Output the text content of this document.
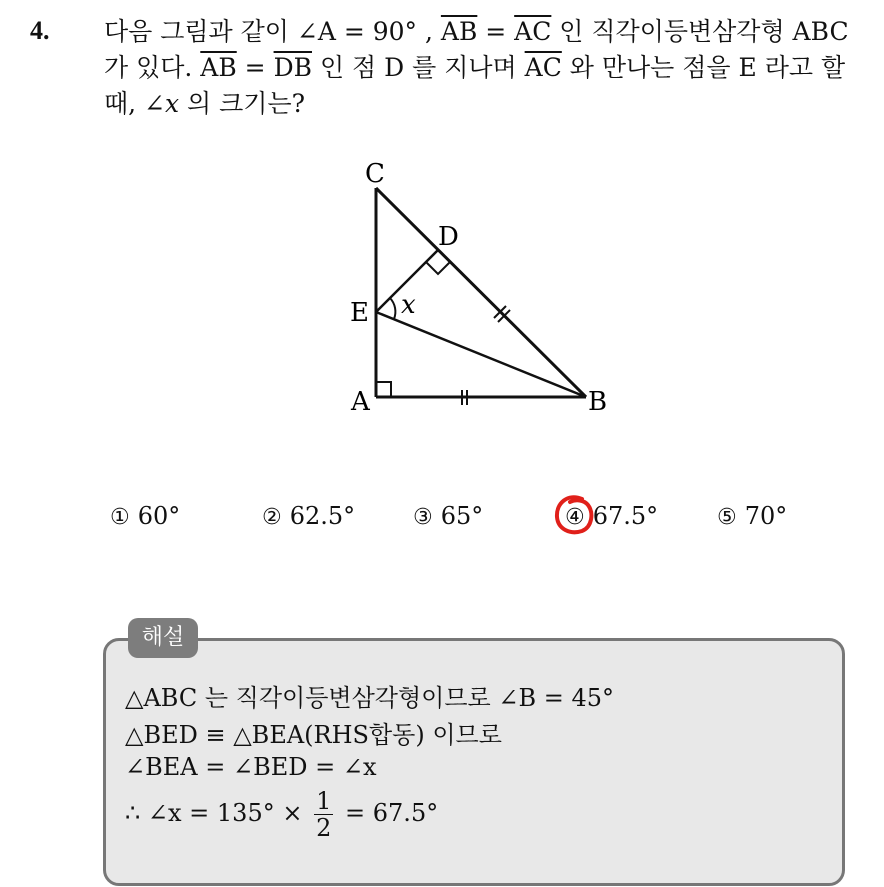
4. 다음 그림과 같이 ∠A = 90° , $\overline{AB} = \overline{AC}$ 인 직각이등변삼각형 ABC
가 있다. $\overline{AB} = \overline{DB}$ 인 점 D 를 지나며 $\overline{AC}$ 와 만나는 점을 E 라고 할
때, ∠x 의 크기는?
C
D
E x
A	B
① 60°	② 62.5°	③ 65°	④ 67.5°	⑤ 70°
해설
△ABC 는 직각이등변삼각형이므로 ∠B = 45°
△BED ≡ △BEA(RHS합동) 이므로
∠BEA = ∠BED = ∠x
∴ ∠x = $135^\circ \times \frac{1}{2} = 67.5^\circ$
